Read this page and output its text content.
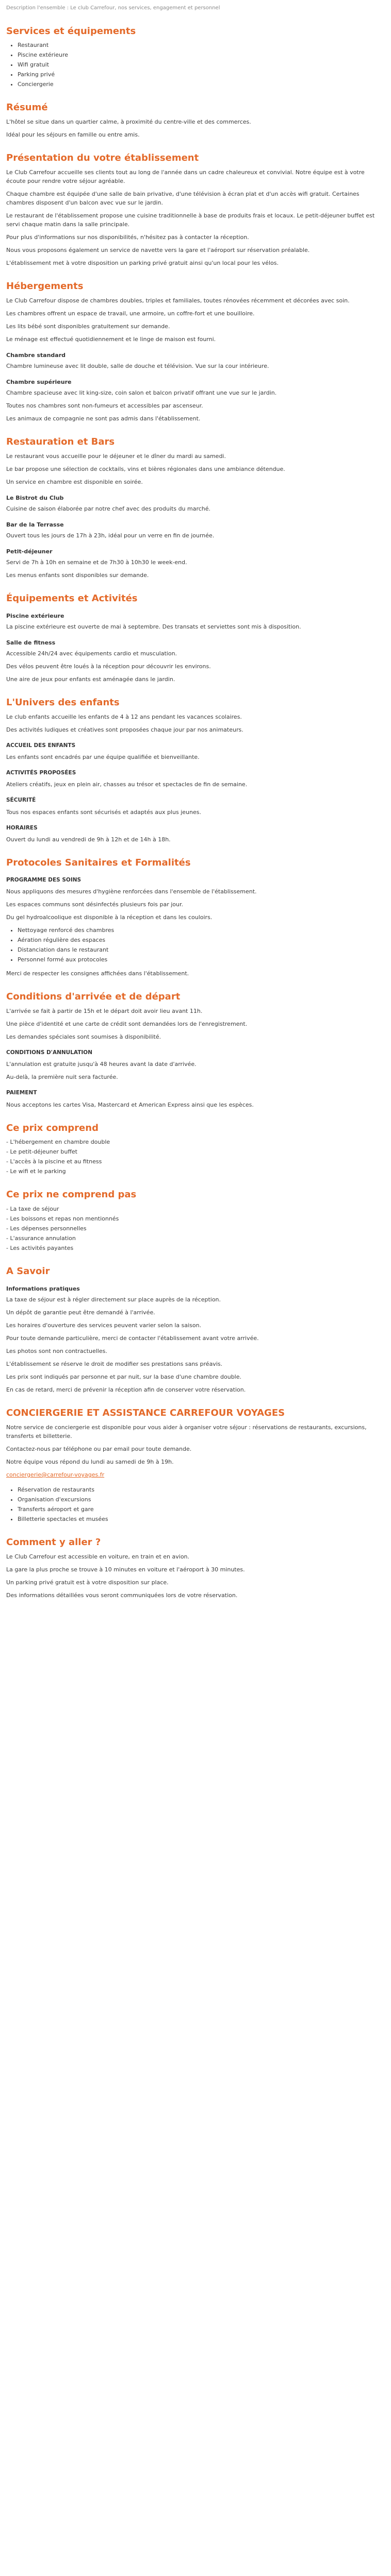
Description l'ensemble : Le club Carrefour, nos services, engagement et personnel
Services et équipements
• Restaurant
• Piscine extérieure
• Wifi gratuit
• Parking privé
• Conciergerie
Résumé

L'hôtel se situe dans un quartier calme, à proximité du centre-ville et des commerces.

Idéal pour les séjours en famille ou entre amis.

Présentation du votre établissement

Le Club Carrefour accueille ses clients tout au long de l'année dans un cadre chaleureux et convivial. Notre équipe est à votre écoute pour rendre votre séjour agréable.

Chaque chambre est équipée d'une salle de bain privative, d'une télévision à écran plat et d'un accès wifi gratuit. Certaines chambres disposent d'un balcon avec vue sur le jardin.

Le restaurant de l'établissement propose une cuisine traditionnelle à base de produits frais et locaux. Le petit-déjeuner buffet est servi chaque matin dans la salle principale.

Pour plus d'informations sur nos disponibilités, n'hésitez pas à contacter la réception.

Nous vous proposons également un service de navette vers la gare et l'aéroport sur réservation préalable.

L'établissement met à votre disposition un parking privé gratuit ainsi qu'un local pour les vélos.

Hébergements

Le Club Carrefour dispose de chambres doubles, triples et familiales, toutes rénovées récemment et décorées avec soin.

Les chambres offrent un espace de travail, une armoire, un coffre-fort et une bouilloire.

Les lits bébé sont disponibles gratuitement sur demande.

Le ménage est effectué quotidiennement et le linge de maison est fourni.

Chambre standard

Chambre lumineuse avec lit double, salle de douche et télévision. Vue sur la cour intérieure.

Chambre supérieure

Chambre spacieuse avec lit king-size, coin salon et balcon privatif offrant une vue sur le jardin.

Toutes nos chambres sont non-fumeurs et accessibles par ascenseur.

Les animaux de compagnie ne sont pas admis dans l'établissement.

Restauration et Bars

Le restaurant vous accueille pour le déjeuner et le dîner du mardi au samedi.

Le bar propose une sélection de cocktails, vins et bières régionales dans une ambiance détendue.

Un service en chambre est disponible en soirée.

Le Bistrot du Club

Cuisine de saison élaborée par notre chef avec des produits du marché.

Bar de la Terrasse

Ouvert tous les jours de 17h à 23h, idéal pour un verre en fin de journée.

Petit-déjeuner

Servi de 7h à 10h en semaine et de 7h30 à 10h30 le week-end.

Les menus enfants sont disponibles sur demande.

Équipements et Activités
Piscine extérieure

La piscine extérieure est ouverte de mai à septembre. Des transats et serviettes sont mis à disposition.

Salle de fitness

Accessible 24h/24 avec équipements cardio et musculation.

Des vélos peuvent être loués à la réception pour découvrir les environs.

Une aire de jeux pour enfants est aménagée dans le jardin.

L'Univers des enfants

Le club enfants accueille les enfants de 4 à 12 ans pendant les vacances scolaires.

Des activités ludiques et créatives sont proposées chaque jour par nos animateurs.

ACCUEIL DES ENFANTS

Les enfants sont encadrés par une équipe qualifiée et bienveillante.

ACTIVITÉS PROPOSÉES

Ateliers créatifs, jeux en plein air, chasses au trésor et spectacles de fin de semaine.

SÉCURITÉ

Tous nos espaces enfants sont sécurisés et adaptés aux plus jeunes.

HORAIRES

Ouvert du lundi au vendredi de 9h à 12h et de 14h à 18h.

Protocoles Sanitaires et Formalités
PROGRAMME DES SOINS

Nous appliquons des mesures d'hygiène renforcées dans l'ensemble de l'établissement.

Les espaces communs sont désinfectés plusieurs fois par jour.

Du gel hydroalcoolique est disponible à la réception et dans les couloirs.

• Nettoyage renforcé des chambres
• Aération régulière des espaces
• Distanciation dans le restaurant
• Personnel formé aux protocoles

Merci de respecter les consignes affichées dans l'établissement.

Conditions d'arrivée et de départ

L'arrivée se fait à partir de 15h et le départ doit avoir lieu avant 11h.

Une pièce d'identité et une carte de crédit sont demandées lors de l'enregistrement.

Les demandes spéciales sont soumises à disponibilité.

CONDITIONS D'ANNULATION

L'annulation est gratuite jusqu'à 48 heures avant la date d'arrivée.

Au-delà, la première nuit sera facturée.

PAIEMENT

Nous acceptons les cartes Visa, Mastercard et American Express ainsi que les espèces.

Ce prix comprend
- L'hébergement en chambre double
- Le petit-déjeuner buffet
- L'accès à la piscine et au fitness
- Le wifi et le parking
Ce prix ne comprend pas
- La taxe de séjour
- Les boissons et repas non mentionnés
- Les dépenses personnelles
- L'assurance annulation
- Les activités payantes
A Savoir
Informations pratiques

La taxe de séjour est à régler directement sur place auprès de la réception.

Un dépôt de garantie peut être demandé à l'arrivée.

Les horaires d'ouverture des services peuvent varier selon la saison.

Pour toute demande particulière, merci de contacter l'établissement avant votre arrivée.

Les photos sont non contractuelles.

L'établissement se réserve le droit de modifier ses prestations sans préavis.

Les prix sont indiqués par personne et par nuit, sur la base d'une chambre double.

En cas de retard, merci de prévenir la réception afin de conserver votre réservation.

CONCIERGERIE ET ASSISTANCE CARREFOUR VOYAGES

Notre service de conciergerie est disponible pour vous aider à organiser votre séjour : réservations de restaurants, excursions, transferts et billetterie.

Contactez-nous par téléphone ou par email pour toute demande.

Notre équipe vous répond du lundi au samedi de 9h à 19h.

conciergerie@carrefour-voyages.fr

• Réservation de restaurants
• Organisation d'excursions
• Transferts aéroport et gare
• Billetterie spectacles et musées
Comment y aller ?

Le Club Carrefour est accessible en voiture, en train et en avion.

La gare la plus proche se trouve à 10 minutes en voiture et l'aéroport à 30 minutes.

Un parking privé gratuit est à votre disposition sur place.

Des informations détaillées vous seront communiquées lors de votre réservation.
